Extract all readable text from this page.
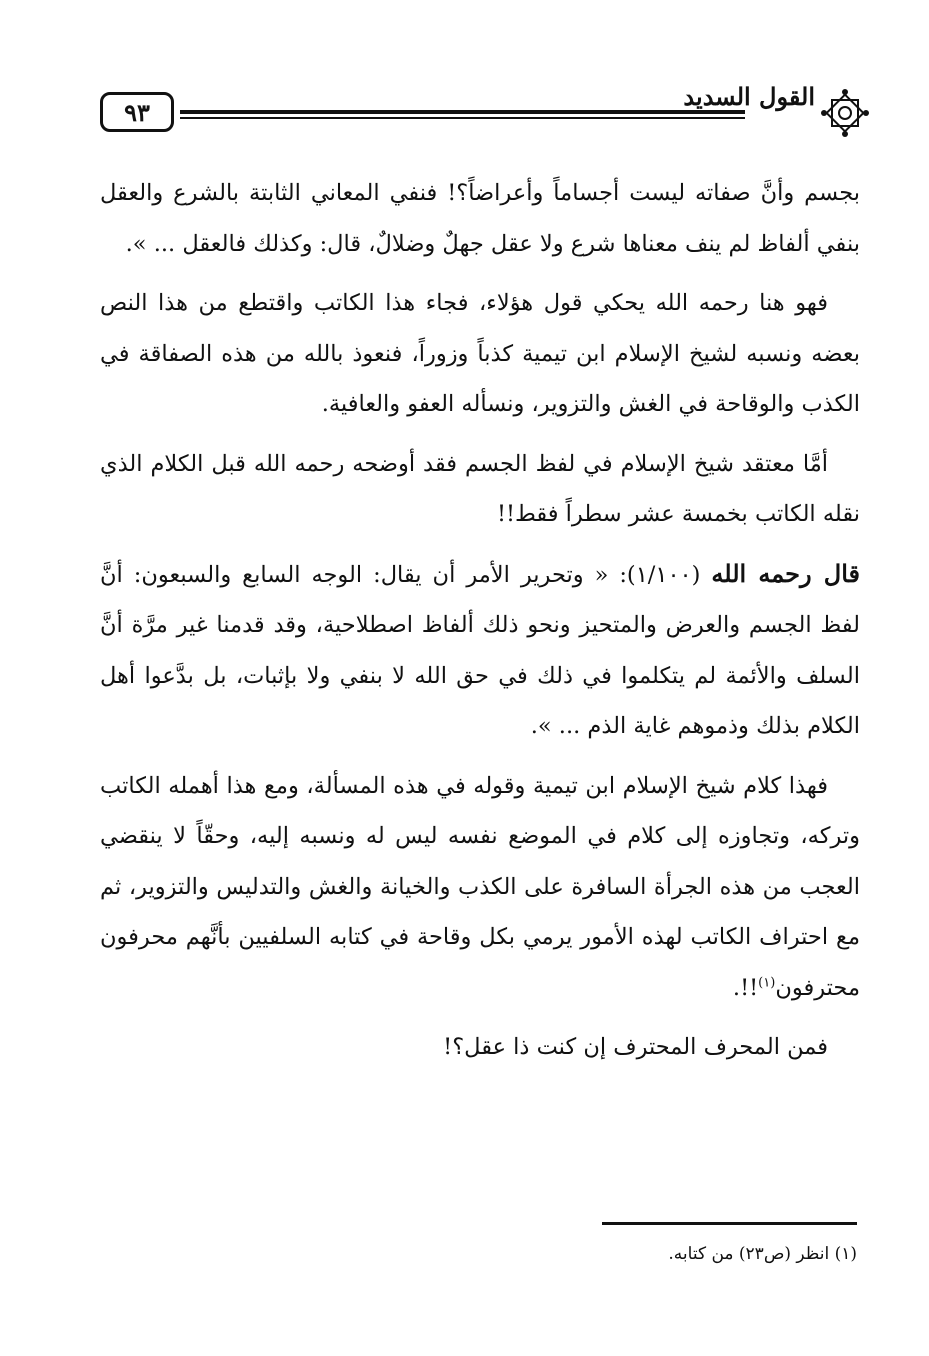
٩٣
القول السديد

بجسم وأنَّ صفاته ليست أجساماً وأعراضاً؟! فنفي المعاني الثابتة بالشرع والعقل بنفي ألفاظ لم ينف معناها شرع ولا عقل جهلٌ وضلالٌ، قال: وكذلك فالعقل ... ».

فهو هنا رحمه الله يحكي قول هؤلاء، فجاء هذا الكاتب واقتطع من هذا النص بعضه ونسبه لشيخ الإسلام ابن تيمية كذباً وزوراً، فنعوذ بالله من هذه الصفاقة في الكذب والوقاحة في الغش والتزوير، ونسأله العفو والعافية.

أمَّا معتقد شيخ الإسلام في لفظ الجسم فقد أوضحه رحمه الله قبل الكلام الذي نقله الكاتب بخمسة عشر سطراً فقط!!

قال رحمه الله (١/١٠٠): « وتحرير الأمر أن يقال: الوجه السابع والسبعون: أنَّ لفظ الجسم والعرض والمتحيز ونحو ذلك ألفاظ اصطلاحية، وقد قدمنا غير مرَّة أنَّ السلف والأئمة لم يتكلموا في ذلك في حق الله لا بنفي ولا بإثبات، بل بدَّعوا أهل الكلام بذلك وذموهم غاية الذم ... ».

فهذا كلام شيخ الإسلام ابن تيمية وقوله في هذه المسألة، ومع هذا أهمله الكاتب وتركه، وتجاوزه إلى كلام في الموضع نفسه ليس له ونسبه إليه، وحقّاً لا ينقضي العجب من هذه الجرأة السافرة على الكذب والخيانة والغش والتدليس والتزوير، ثم مع احتراف الكاتب لهذه الأمور يرمي بكل وقاحة في كتابه السلفيين بأنَّهم محرفون محترفون$^{(١)}$!!.

فمن المحرف المحترف إن كنت ذا عقل؟!

(١) انظر (ص٢٣) من كتابه.
